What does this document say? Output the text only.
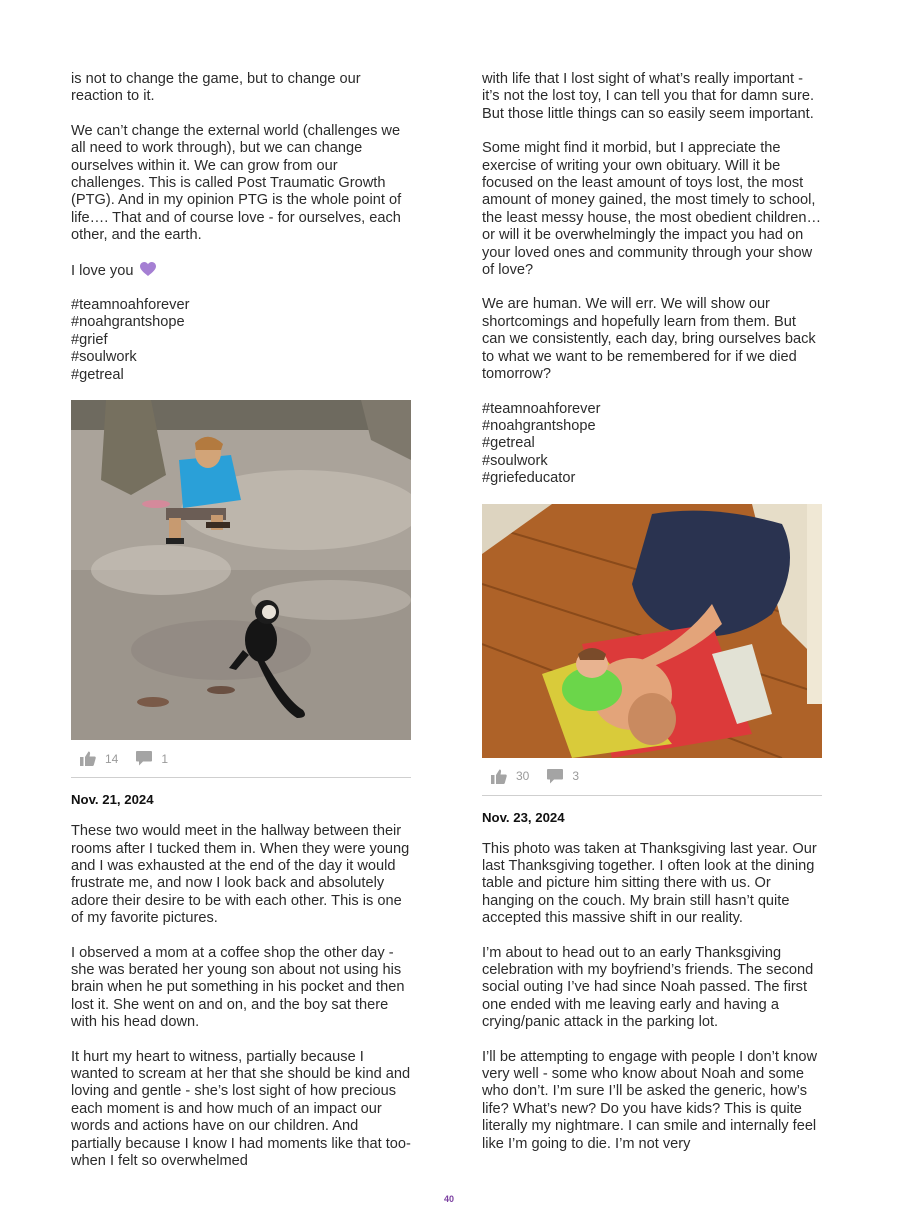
is not to change the game, but to change our reaction to it.

We can’t change the external world (challenges we all need to work through), but we can change ourselves within it. We can grow from our challenges. This is called Post Traumatic Growth (PTG). And in my opinion PTG is the whole point of life…. That and of course love - for ourselves, each other, and the earth.

I love you

#teamnoahforever
#noahgrantshope
#grief
#soulwork
#getreal

14	1

Nov. 21, 2024

These two would meet in the hallway between their rooms after I tucked them in. When they were young and I was exhausted at the end of the day it would frustrate me, and now I look back and absolutely adore their desire to be with each other. This is one of my favorite pictures.

I observed a mom at a coffee shop the other day - she was berated her young son about not using his brain when he put something in his pocket and then lost it. She went on and on, and the boy sat there with his head down.

It hurt my heart to witness, partially because I wanted to scream at her that she should be kind and loving and gentle - she’s lost sight of how precious each moment is and how much of an impact our words and actions have on our children. And partially because I know I had moments like that too- when I felt so overwhelmed

with life that I lost sight of what’s really important - it’s not the lost toy, I can tell you that for damn sure. But those little things can so easily seem important.

Some might find it morbid, but I appreciate the exercise of writing your own obituary. Will it be focused on the least amount of toys lost, the most amount of money gained, the most timely to school, the least messy house, the most obedient children… or will it be overwhelmingly the impact you had on your loved ones and community through your show of love?

We are human. We will err. We will show our shortcomings and hopefully learn from them. But can we consistently, each day, bring ourselves back to what we want to be remembered for if we died tomorrow?

#teamnoahforever
#noahgrantshope
#getreal
#soulwork
#griefeducator

30	3

Nov. 23, 2024

This photo was taken at Thanksgiving last year. Our last Thanksgiving together. I often look at the dining table and picture him sitting there with us. Or hanging on the couch. My brain still hasn’t quite accepted this massive shift in our reality.

I’m about to head out to an early Thanksgiving celebration with my boyfriend’s friends. The second social outing I’ve had since Noah passed. The first one ended with me leaving early and having a crying/panic attack in the parking lot.

I’ll be attempting to engage with people I don’t know very well - some who know about Noah and some who don’t. I’m sure I’ll be asked the generic, how’s life? What’s new? Do you have kids? This is quite literally my nightmare. I can smile and internally feel like I’m going to die. I’m not very

40
